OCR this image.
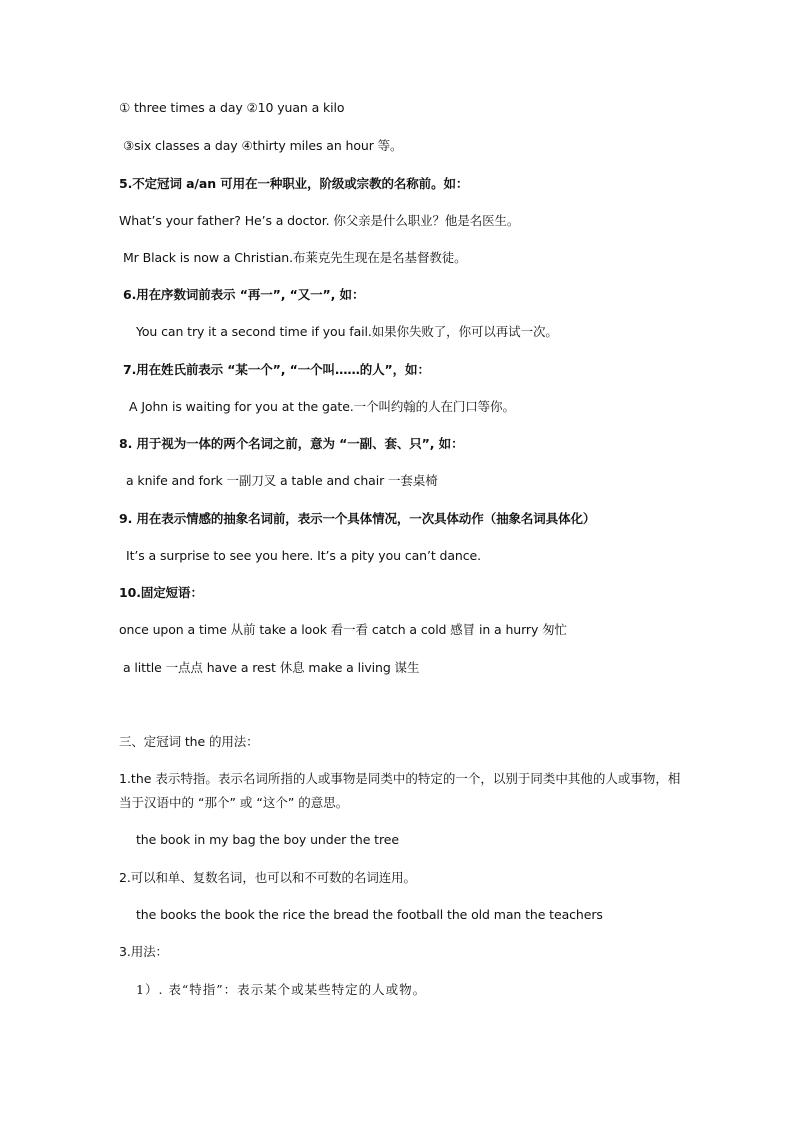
① three times a day ②10 yuan a kilo
③six classes a day ④thirty miles an hour 等。
5.不定冠词 a/an 可用在一种职业，阶级或宗教的名称前。如：
What’s your father? He’s a doctor. 你父亲是什么职业？他是名医生。
Mr Black is now a Christian.布莱克先生现在是名基督教徒。
6.用在序数词前表示 “再一”, “又一”, 如：
You can try it a second time if you fail.如果你失败了，你可以再试一次。
7.用在姓氏前表示 “某一个”, “一个叫……的人”，如：
A John is waiting for you at the gate.一个叫约翰的人在门口等你。
8. 用于视为一体的两个名词之前，意为 “一副、套、只”, 如：
a knife and fork 一副刀叉 a table and chair 一套桌椅
9. 用在表示情感的抽象名词前，表示一个具体情况，一次具体动作（抽象名词具体化）
It’s a surprise to see you here. It’s a pity you can’t dance.
10.固定短语：
once upon a time 从前 take a look 看一看 catch a cold 感冒 in a hurry 匆忙
a little 一点点 have a rest 休息 make a living 谋生
三、定冠词 the 的用法：
1.the 表示特指。表示名词所指的人或事物是同类中的特定的一个，以别于同类中其他的人或事物，相当于汉语中的 “那个” 或 “这个” 的意思。
the book in my bag the boy under the tree
2.可以和单、复数名词，也可以和不可数的名词连用。
the books the book the rice the bread the football the old man the teachers
3.用法：
1）. 表“特指”：表示某个或某些特定的人或物。
